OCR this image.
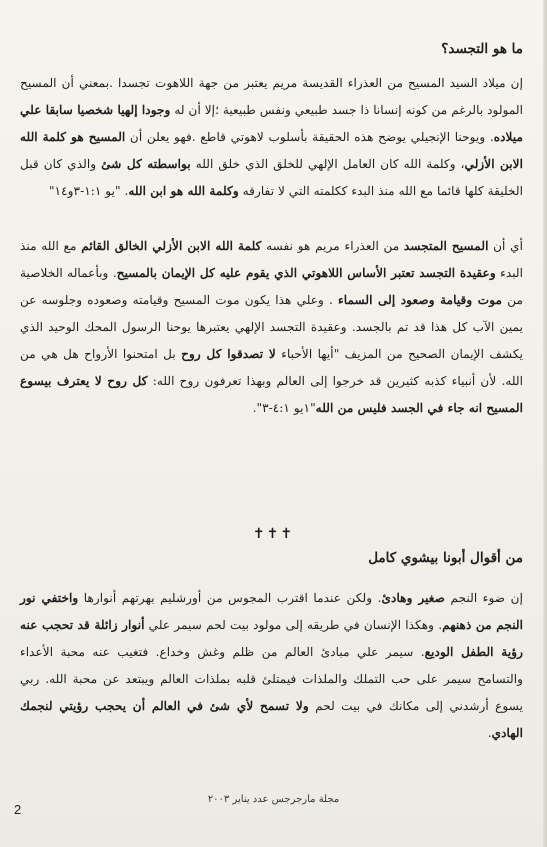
ما هو التجسد؟
إن ميلاد السيد المسيح من العذراء القديسة مريم يعتبر من جهة اللاهوت تجسدا .بمعني أن المسيح المولود بالرغم من كونه إنسانا ذا جسد طبيعي ونفس طبيعية ؛إلا أن له وجودا إلهيا شخصيا سابقا علي ميلاده. ويوحنا الإنجيلي يوضح هذه الحقيقة بأسلوب لاهوتي قاطع .فهو يعلن أن المسيح هو كلمة الله الابن الأزلي، وكلمة الله كان العامل الإلهي للخلق الذي خلق الله بواسطته كل شئ والذي كان قبل الخليقة كلها قائما مع الله منذ البدء ككلمته التي لا تفارقه وكلمة الله هو ابن الله. "يو ١:١-٣و١٤"
أي أن المسيح المتجسد من العذراء مريم هو نفسه كلمة الله الابن الأزلي الخالق القائم مع الله منذ البدء وعقيدة التجسد تعتبر الأساس اللاهوتي الذي يقوم عليه كل الإيمان بالمسيح. وبأعماله الخلاصية من موت وقيامة وصعود إلى السماء . وعلي هذا يكون موت المسيح وقيامته وصعوده وجلوسه عن يمين الآب كل هذا قد تم بالجسد. وعقيدة التجسد الإلهي يعتبرها يوحنا الرسول المحك الوحيد الذي يكشف الإيمان الصحيح من المزيف "أيها الأحباء لا تصدقوا كل روح بل امتحنوا الأرواح هل هي من الله. لأن أنبياء كذبه كثيرين قد خرجوا إلى العالم وبهذا تعرفون روح الله: كل روح لا يعترف بيسوع المسيح انه جاء في الجسد فليس من الله"١يو ٤:١-٣".
✝✝✝
من أقوال أبونا بيشوي كامل
إن ضوء النجم صغير وهادئ. ولكن عندما اقترب المجوس من أورشليم بهرتهم أنوارها واختفي نور النجم من ذهنهم. وهكذا الإنسان في طريقه إلى مولود بيت لحم سيمر علي أنوار زائلة قد تحجب عنه رؤية الطفل الوديع. سيمر علي مبادئ العالم من ظلم وغش وخداع. فتغيب عنه محبة الأعداء والتسامح سيمر على حب التملك والملذات فيمتلئ قلبه بملذات العالم ويبتعد عن محبة الله. ربي يسوع أرشدني إلى مكانك في بيت لحم ولا تسمح لأي شئ في العالم أن يحجب رؤيتي لنجمك الهادي.
مجلة مارجرجس عدد يناير ٢٠٠٣
2
